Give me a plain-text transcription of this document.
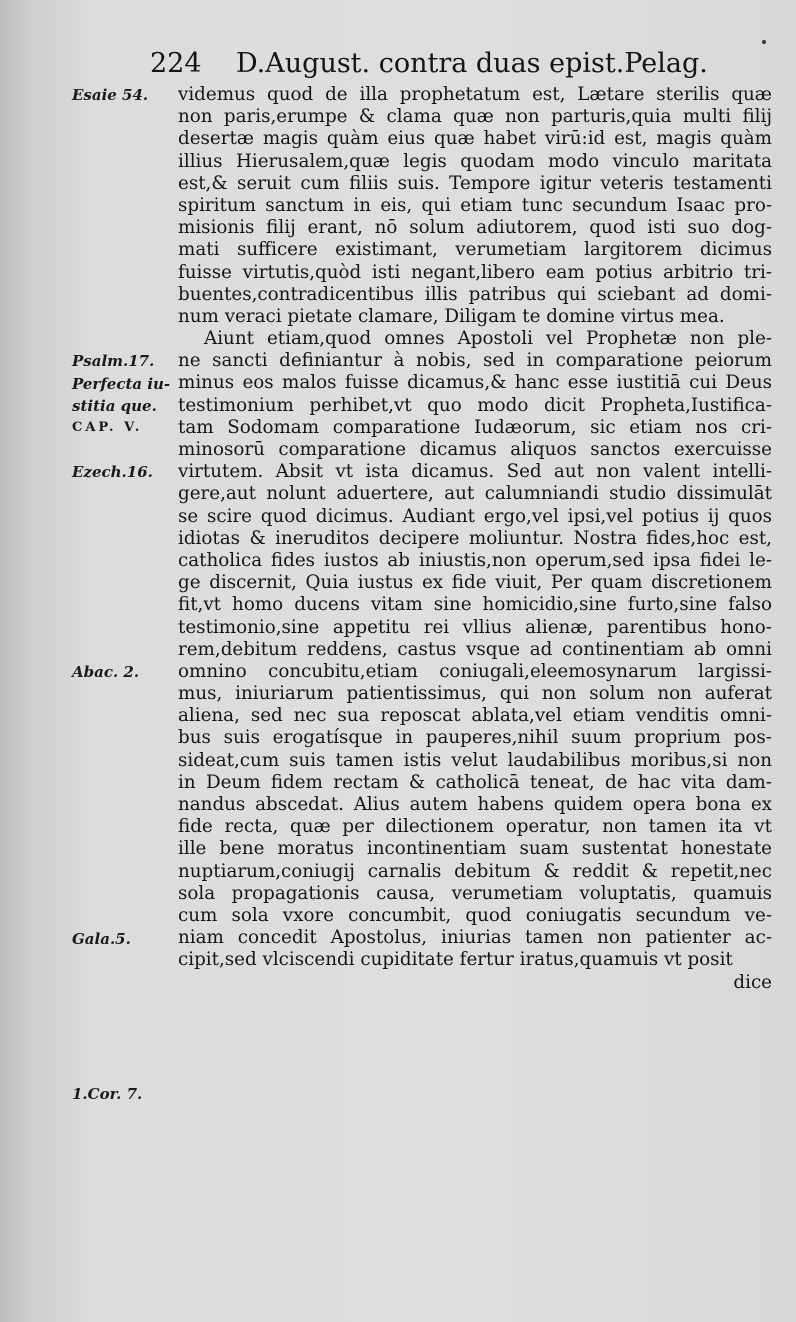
224 D.August. contra duas epist.Pelag.
Esaie 54.
Psalm.17.
Perfecta iu-
stitia que.
CAP. V.
Ezech.16.
Abac. 2.
Gala.5.
1.Cor. 7.
videmus quod de illa prophetatum est, Lætare sterilis quæ
non paris,erumpe & clama quæ non parturis,quia multi filij
desertæ magis quàm eius quæ habet virū:id est, magis quàm
illius Hierusalem,quæ legis quodam modo vinculo maritata
est,& seruit cum filiis suis. Tempore igitur veteris testamenti
spiritum sanctum in eis, qui etiam tunc secundum Isaac pro-
misionis filij erant, nō solum adiutorem, quod isti suo dog-
mati sufficere existimant, verumetiam largitorem dicimus
fuisse virtutis,quòd isti negant,libero eam potius arbitrio tri-
buentes,contradicentibus illis patribus qui sciebant ad domi-
num veraci pietate clamare, Diligam te domine virtus mea.
Aiunt etiam,quod omnes Apostoli vel Prophetæ non ple-
ne sancti definiantur à nobis, sed in comparatione peiorum
minus eos malos fuisse dicamus,& hanc esse iustitiā cui Deus
testimonium perhibet,vt quo modo dicit Propheta,Iustifica-
tam Sodomam comparatione Iudæorum, sic etiam nos cri-
minosorū comparatione dicamus aliquos sanctos exercuisse
virtutem. Absit vt ista dicamus. Sed aut non valent intelli-
gere,aut nolunt aduertere, aut calumniandi studio dissimulāt
se scire quod dicimus. Audiant ergo,vel ipsi,vel potius ij quos
idiotas & ineruditos decipere moliuntur. Nostra fides,hoc est,
catholica fides iustos ab iniustis,non operum,sed ipsa fidei le-
ge discernit, Quia iustus ex fide viuit, Per quam discretionem
fit,vt homo ducens vitam sine homicidio,sine furto,sine falso
testimonio,sine appetitu rei vllius alienæ, parentibus hono-
rem,debitum reddens, castus vsque ad continentiam ab omni
omnino concubitu,etiam coniugali,eleemosynarum largissi-
mus, iniuriarum patientissimus, qui non solum non auferat
aliena, sed nec sua reposcat ablata,vel etiam venditis omni-
bus suis erogatísque in pauperes,nihil suum proprium pos-
sideat,cum suis tamen istis velut laudabilibus moribus,si non
in Deum fidem rectam & catholicā teneat, de hac vita dam-
nandus abscedat. Alius autem habens quidem opera bona ex
fide recta, quæ per dilectionem operatur, non tamen ita vt
ille bene moratus incontinentiam suam sustentat honestate
nuptiarum,coniugij carnalis debitum & reddit & repetit,nec
sola propagationis causa, verumetiam voluptatis, quamuis
cum sola vxore concumbit, quod coniugatis secundum ve-
niam concedit Apostolus, iniurias tamen non patienter ac-
cipit,sed vlciscendi cupiditate fertur iratus,quamuis vt posit
dice
